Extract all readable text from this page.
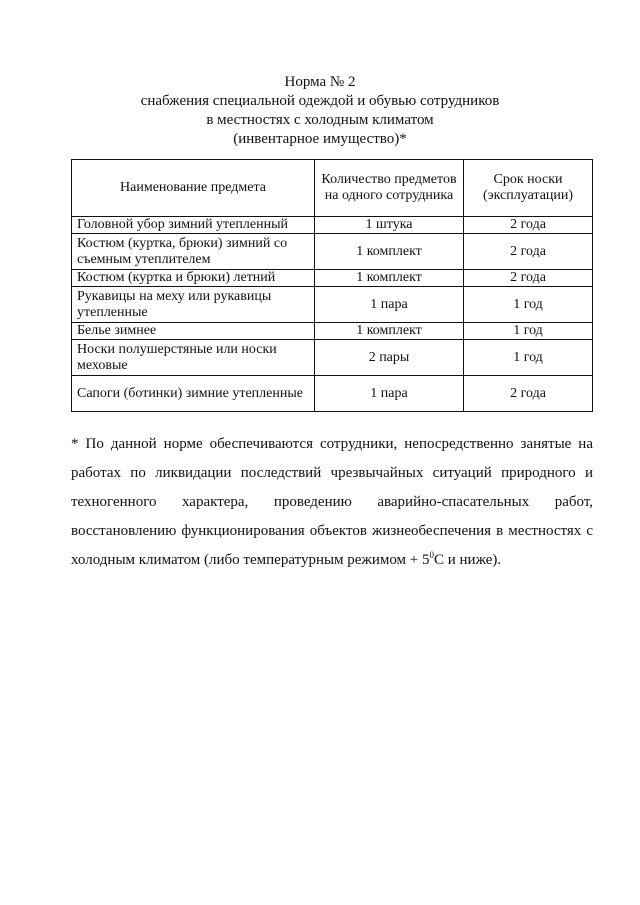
Норма № 2
снабжения специальной одеждой и обувью сотрудников
в местностях с холодным климатом
(инвентарное имущество)*
Наименование предмета	Количество предметов на одного сотрудника	Срок носки (эксплуатации)
Головной убор зимний утепленный	1 штука	2 года
Костюм (куртка, брюки) зимний со съемным утеплителем	1 комплект	2 года
Костюм (куртка и брюки) летний	1 комплект	2 года
Рукавицы на меху или рукавицы утепленные	1 пара	1 год
Белье зимнее	1 комплект	1 год
Носки полушерстяные или носки меховые	2 пары	1 год
Сапоги (ботинки) зимние утепленные	1 пара	2 года
* По данной норме обеспечиваются сотрудники, непосредственно занятые на работах по ликвидации последствий чрезвычайных ситуаций природного и техногенного характера, проведению аварийно-спасательных работ, восстановлению функционирования объектов жизнеобеспечения в местностях с холодным климатом (либо температурным режимом + $5^0С$ и ниже).
